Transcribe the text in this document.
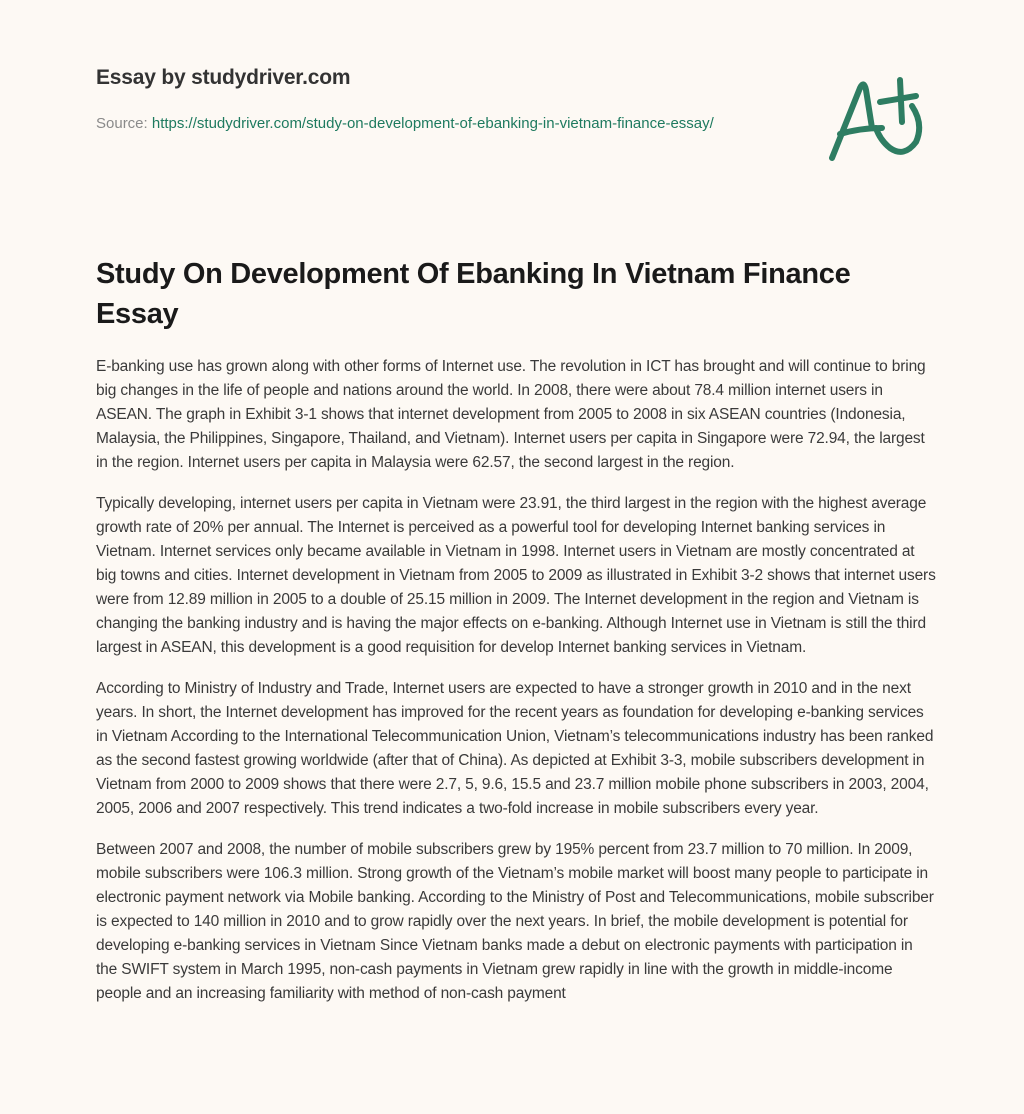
Essay by studydriver.com
Source: https://studydriver.com/study-on-development-of-ebanking-in-vietnam-finance-essay/
Study On Development Of Ebanking In Vietnam Finance Essay

E-banking use has grown along with other forms of Internet use. The revolution in ICT has brought and will continue to bring big changes in the life of people and nations around the world. In 2008, there were about 78.4 million internet users in ASEAN. The graph in Exhibit 3-1 shows that internet development from 2005 to 2008 in six ASEAN countries (Indonesia, Malaysia, the Philippines, Singapore, Thailand, and Vietnam). Internet users per capita in Singapore were 72.94, the largest in the region. Internet users per capita in Malaysia were 62.57, the second largest in the region.

Typically developing, internet users per capita in Vietnam were 23.91, the third largest in the region with the highest average growth rate of 20% per annual. The Internet is perceived as a powerful tool for developing Internet banking services in Vietnam. Internet services only became available in Vietnam in 1998. Internet users in Vietnam are mostly concentrated at big towns and cities. Internet development in Vietnam from 2005 to 2009 as illustrated in Exhibit 3-2 shows that internet users were from 12.89 million in 2005 to a double of 25.15 million in 2009. The Internet development in the region and Vietnam is changing the banking industry and is having the major effects on e-banking. Although Internet use in Vietnam is still the third largest in ASEAN, this development is a good requisition for develop Internet banking services in Vietnam.

According to Ministry of Industry and Trade, Internet users are expected to have a stronger growth in 2010 and in the next years. In short, the Internet development has improved for the recent years as foundation for developing e-banking services in Vietnam According to the International Telecommunication Union, Vietnam’s telecommunications industry has been ranked as the second fastest growing worldwide (after that of China). As depicted at Exhibit 3-3, mobile subscribers development in Vietnam from 2000 to 2009 shows that there were 2.7, 5, 9.6, 15.5 and 23.7 million mobile phone subscribers in 2003, 2004, 2005, 2006 and 2007 respectively. This trend indicates a two-fold increase in mobile subscribers every year.

Between 2007 and 2008, the number of mobile subscribers grew by 195% percent from 23.7 million to 70 million. In 2009, mobile subscribers were 106.3 million. Strong growth of the Vietnam’s mobile market will boost many people to participate in electronic payment network via Mobile banking. According to the Ministry of Post and Telecommunications, mobile subscriber is expected to 140 million in 2010 and to grow rapidly over the next years. In brief, the mobile development is potential for developing e-banking services in Vietnam Since Vietnam banks made a debut on electronic payments with participation in the SWIFT system in March 1995, non-cash payments in Vietnam grew rapidly in line with the growth in middle-income people and an increasing familiarity with method of non-cash payment
